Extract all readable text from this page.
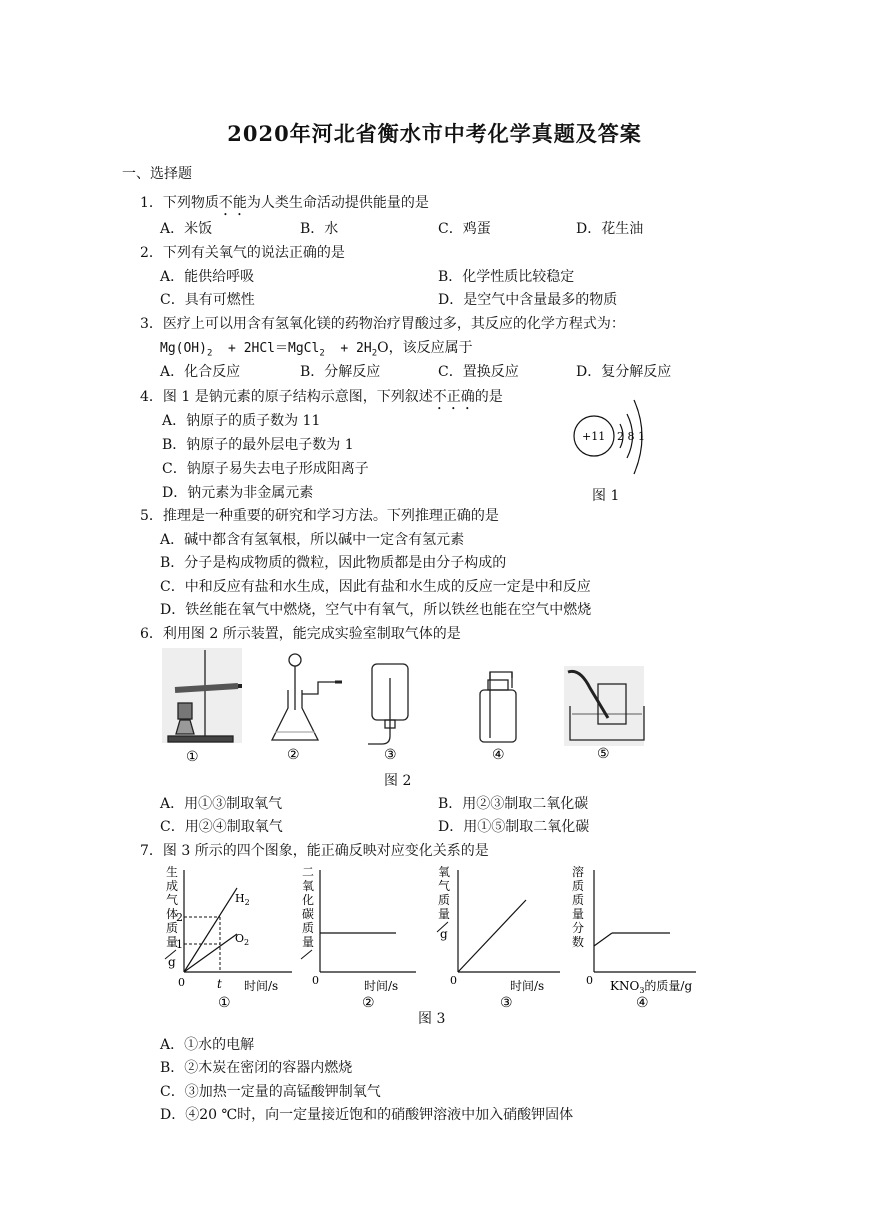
2020年河北省衡水市中考化学真题及答案
一、选择题
1．下列物质不能为人类生命活动提供能量的是
A．米饭	B．水	C．鸡蛋	D．花生油
2．下列有关氧气的说法正确的是
A．能供给呼吸	B．化学性质比较稳定
C．具有可燃性	D．是空气中含量最多的物质
3．医疗上可以用含有氢氧化镁的药物治疗胃酸过多，其反应的化学方程式为：
$Mg(OH)_2$ + 2HCl＝MgCl$_2$ + $2H_2O$，该反应属于
A．化合反应	B．分解反应	C．置换反应	D．复分解反应
4．图 1 是钠元素的原子结构示意图，下列叙述不正确的是
A．钠原子的质子数为 11
B．钠原子的最外层电子数为 1
C．钠原子易失去电子形成阳离子
D．钠元素为非金属元素
+11 2 8 1
图 1
5．推理是一种重要的研究和学习方法。下列推理正确的是
A．碱中都含有氢氧根，所以碱中一定含有氢元素
B．分子是构成物质的微粒，因此物质都是由分子构成的
C．中和反应有盐和水生成，因此有盐和水生成的反应一定是中和反应
D．铁丝能在氧气中燃烧，空气中有氧气，所以铁丝也能在空气中燃烧
6．利用图 2 所示装置，能完成实验室制取气体的是
①	②	③	④	⑤
图 2
A．用①③制取氧气	B．用②③制取二氧化碳
C．用②④制取氧气	D．用①⑤制取二氧化碳
7．图 3 所示的四个图象，能正确反映对应变化关系的是
生
成
气
体
质
量
g
2
1
$H_2$
$O_2$
0	t 时间/s
①
二
氧
化
碳
质
量
0	时间/s
②
氧
气
质
量
g
0	时间/s
③
溶
质
质
量
分
数
0 $KNO_3$的质量/g
④
图 3
A．①水的电解
B．②木炭在密闭的容器内燃烧
C．③加热一定量的高锰酸钾制氧气
D．④20 ℃时，向一定量接近饱和的硝酸钾溶液中加入硝酸钾固体
